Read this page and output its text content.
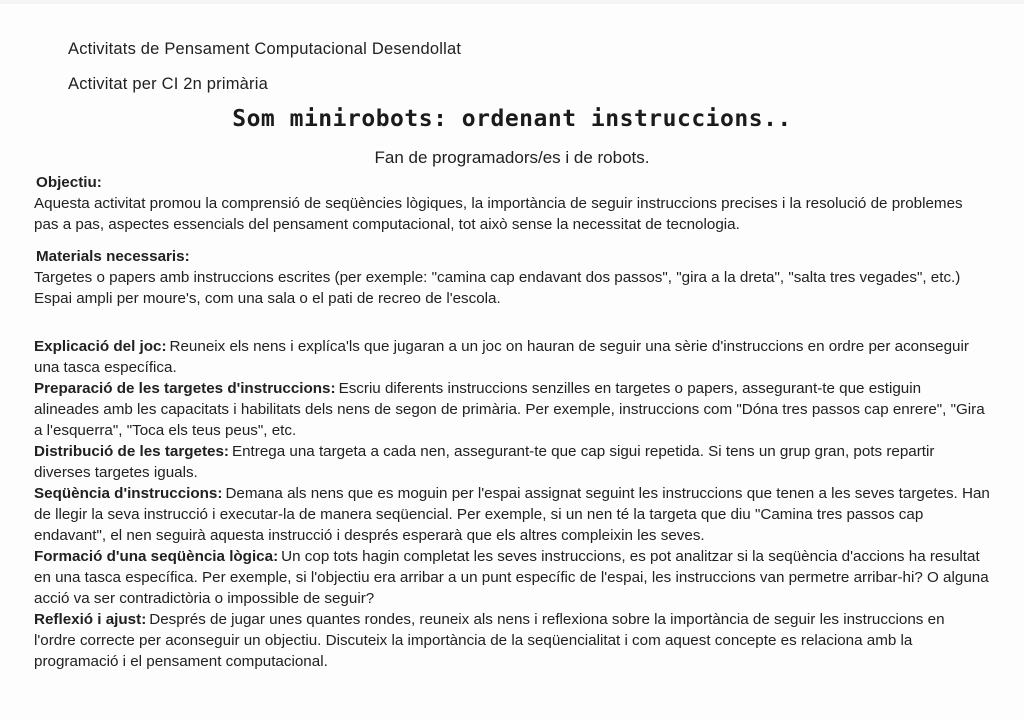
Activitats de Pensament Computacional Desendollat

Activitat per CI 2n primària

Som minirobots: ordenant instruccions..

Fan de programadors/es i de robots.

Objectiu:

Aquesta activitat promou la comprensió de seqüències lògiques, la importància de seguir instruccions precises i la resolució de problemes pas a pas, aspectes essencials del pensament computacional, tot això sense la necessitat de tecnologia.

Materials necessaris:

Targetes o papers amb instruccions escrites (per exemple: "camina cap endavant dos passos", "gira a la dreta", "salta tres vegades", etc.)

Espai ampli per moure's, com una sala o el pati de recreo de l'escola.

Explicació del joc: Reuneix els nens i explíca'ls que jugaran a un joc on hauran de seguir una sèrie d'instruccions en ordre per aconseguir una tasca específica.

Preparació de les targetes d'instruccions: Escriu diferents instruccions senzilles en targetes o papers, assegurant-te que estiguin alineades amb les capacitats i habilitats dels nens de segon de primària. Per exemple, instruccions com "Dóna tres passos cap enrere", "Gira a l'esquerra", "Toca els teus peus", etc.

Distribució de les targetes: Entrega una targeta a cada nen, assegurant-te que cap sigui repetida. Si tens un grup gran, pots repartir diverses targetes iguals.

Seqüència d'instruccions: Demana als nens que es moguin per l'espai assignat seguint les instruccions que tenen a les seves targetes. Han de llegir la seva instrucció i executar-la de manera seqüencial. Per exemple, si un nen té la targeta que diu "Camina tres passos cap endavant", el nen seguirà aquesta instrucció i després esperarà que els altres compleixin les seves.

Formació d'una seqüència lògica: Un cop tots hagin completat les seves instruccions, es pot analitzar si la seqüència d'accions ha resultat en una tasca específica. Per exemple, si l'objectiu era arribar a un punt específic de l'espai, les instruccions van permetre arribar-hi? O alguna acció va ser contradictòria o impossible de seguir?

Reflexió i ajust: Després de jugar unes quantes rondes, reuneix als nens i reflexiona sobre la importància de seguir les instruccions en l'ordre correcte per aconseguir un objectiu. Discuteix la importància de la seqüencialitat i com aquest concepte es relaciona amb la programació i el pensament computacional.
